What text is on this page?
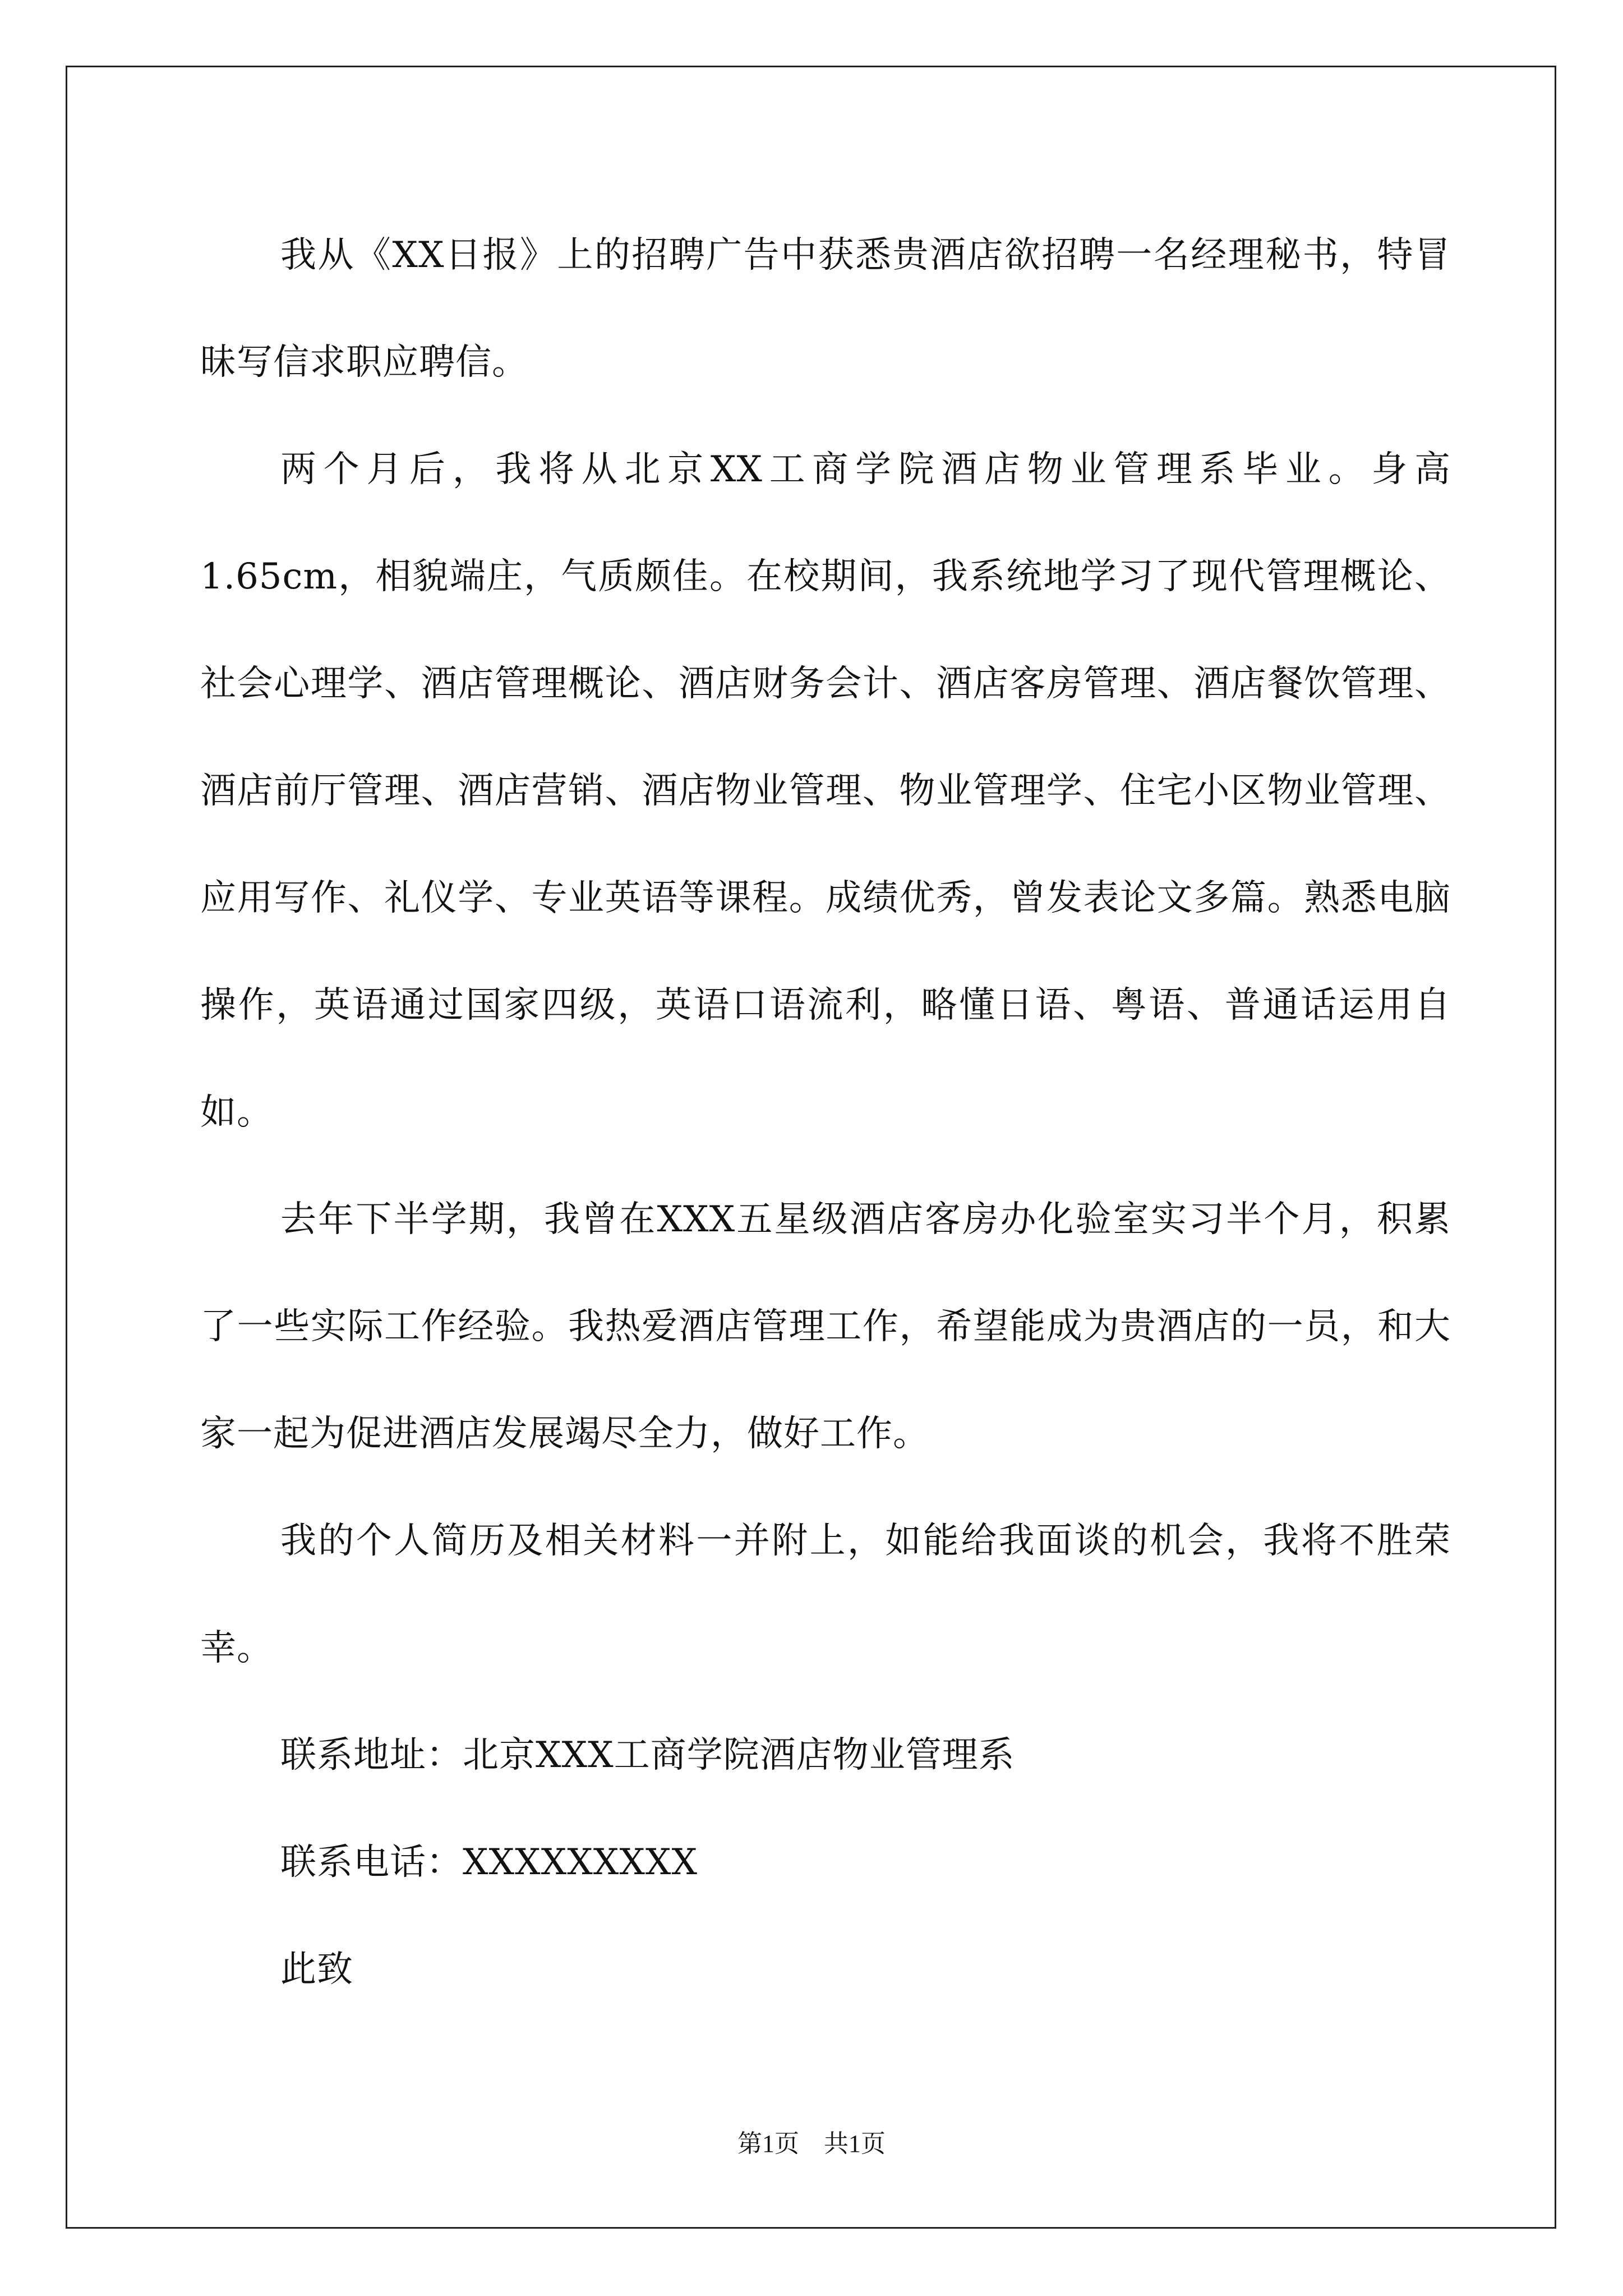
我从《XX日报》上的招聘广告中获悉贵酒店欲招聘一名经理秘书，特冒昧写信求职应聘信。

两个月后，我将从北京XX工商学院酒店物业管理系毕业。身高1.65cm，相貌端庄，气质颇佳。在校期间，我系统地学习了现代管理概论、社会心理学、酒店管理概论、酒店财务会计、酒店客房管理、酒店餐饮管理、酒店前厅管理、酒店营销、酒店物业管理、物业管理学、住宅小区物业管理、应用写作、礼仪学、专业英语等课程。成绩优秀，曾发表论文多篇。熟悉电脑操作，英语通过国家四级，英语口语流利，略懂日语、粤语、普通话运用自如。

去年下半学期，我曾在XXX五星级酒店客房办化验室实习半个月，积累了一些实际工作经验。我热爱酒店管理工作，希望能成为贵酒店的一员，和大家一起为促进酒店发展竭尽全力，做好工作。

我的个人简历及相关材料一并附上，如能给我面谈的机会，我将不胜荣幸。

联系地址：北京XXX工商学院酒店物业管理系

联系电话：XXXXXXXXX

此致

第1页 共1页
